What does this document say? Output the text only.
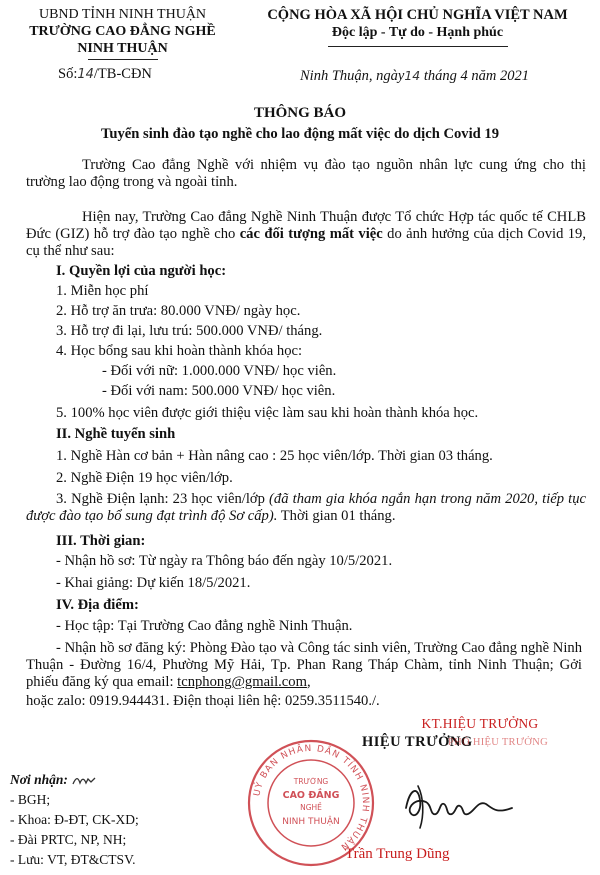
UBND TỈNH NINH THUẬN
TRƯỜNG CAO ĐẲNG NGHỀ
NINH THUẬN
Số:14/TB-CĐN
CỘNG HÒA XÃ HỘI CHỦ NGHĨA VIỆT NAM
Độc lập - Tự do - Hạnh phúc
Ninh Thuận, ngày14 tháng 4 năm 2021
THÔNG BÁO
Tuyển sinh đào tạo nghề cho lao động mất việc do dịch Covid 19
Trường Cao đẳng Nghề với nhiệm vụ đào tạo nguồn nhân lực cung ứng cho thị trường lao động trong và ngoài tỉnh.
Hiện nay, Trường Cao đẳng Nghề Ninh Thuận được Tổ chức Hợp tác quốc tế CHLB Đức (GIZ) hỗ trợ đào tạo nghề cho các đối tượng mất việc do ảnh hưởng của dịch Covid 19, cụ thể như sau:
I. Quyền lợi của người học:
1. Miễn học phí
2. Hỗ trợ ăn trưa: 80.000 VNĐ/ ngày học.
3. Hỗ trợ đi lại, lưu trú: 500.000 VNĐ/ tháng.
4. Học bổng sau khi hoàn thành khóa học:
- Đối với nữ: 1.000.000 VNĐ/ học viên.
- Đối với nam: 500.000 VNĐ/ học viên.
5. 100% học viên được giới thiệu việc làm sau khi hoàn thành khóa học.
II. Nghề tuyển sinh
1. Nghề Hàn cơ bản + Hàn nâng cao : 25 học viên/lớp. Thời gian 03 tháng.
2. Nghề Điện 19 học viên/lớp.
3. Nghề Điện lạnh: 23 học viên/lớp (đã tham gia khóa ngắn hạn trong năm 2020, tiếp tục được đào tạo bổ sung đạt trình độ Sơ cấp). Thời gian 01 tháng.
III. Thời gian:
- Nhận hồ sơ: Từ ngày ra Thông báo đến ngày 10/5/2021.
- Khai giảng: Dự kiến 18/5/2021.
IV. Địa điểm:
- Học tập: Tại Trường Cao đẳng nghề Ninh Thuận.
- Nhận hồ sơ đăng ký: Phòng Đào tạo và Công tác sinh viên, Trường Cao đẳng nghề Ninh Thuận - Đường 16/4, Phường Mỹ Hải, Tp. Phan Rang Tháp Chàm, tỉnh Ninh Thuận; Gởi phiếu đăng ký qua email: tcnphong@gmail.com,
hoặc zalo: 0919.944431. Điện thoại liên hệ: 0259.3511540./.
Nơi nhận:
- BGH;
- Khoa: Đ-ĐT, CK-XD;
- Đài PRTC, NP, NH;
- Lưu: VT, ĐT&CTSV.
KT.HIỆU TRƯỞNG
HIỆU TRƯỞNG
PHÓ HIỆU TRƯỞNG
UỶ BAN NHÂN DÂN TỈNH NINH THUẬN
TRƯỜNG
CAO ĐẲNG
NGHỀ
NINH THUẬN
Trần Trung Dũng
